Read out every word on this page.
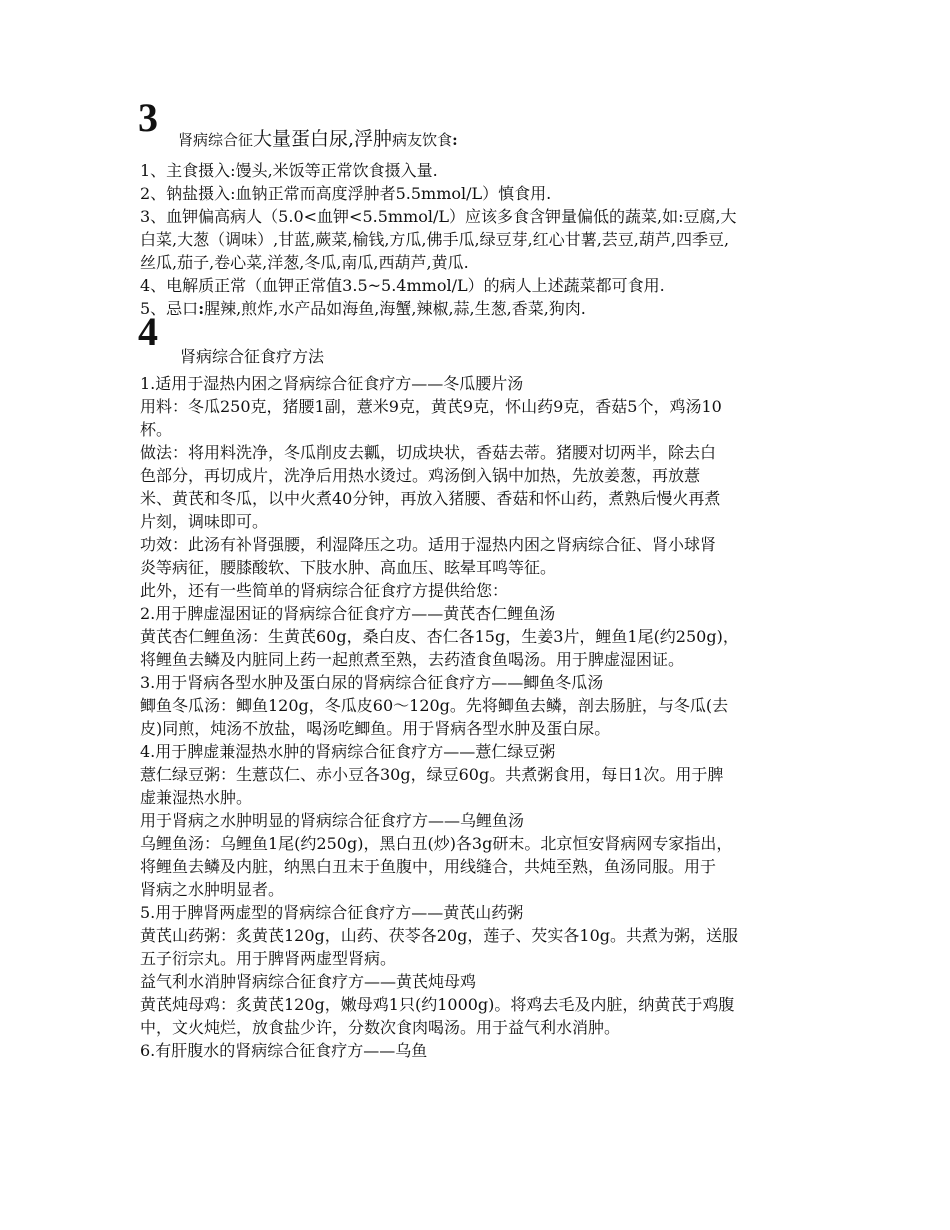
3 肾病综合征大量蛋白尿,浮肿病友饮食:
1、主食摄入:馒头,米饭等正常饮食摄入量.
2、钠盐摄入:血钠正常而高度浮肿者5.5mmol/L）慎食用.
3、血钾偏高病人（5.0<血钾<5.5mmol/L）应该多食含钾量偏低的蔬菜,如:豆腐,大
白菜,大葱（调味）,甘蓝,蕨菜,榆钱,方瓜,佛手瓜,绿豆芽,红心甘薯,芸豆,葫芦,四季豆,
丝瓜,茄子,卷心菜,洋葱,冬瓜,南瓜,西葫芦,黄瓜.
4、电解质正常（血钾正常值3.5~5.4mmol/L）的病人上述蔬菜都可食用.
5、忌口:腥辣,煎炸,水产品如海鱼,海蟹,辣椒,蒜,生葱,香菜,狗肉.
4
肾病综合征食疗方法
1.适用于湿热内困之肾病综合征食疗方——冬瓜腰片汤
用料：冬瓜250克，猪腰1副，薏米9克，黄芪9克，怀山药9克，香菇5个，鸡汤10
杯。
做法：将用料洗净，冬瓜削皮去瓤，切成块状，香菇去蒂。猪腰对切两半，除去白
色部分，再切成片，洗净后用热水烫过。鸡汤倒入锅中加热，先放姜葱，再放薏
米、黄芪和冬瓜，以中火煮40分钟，再放入猪腰、香菇和怀山药，煮熟后慢火再煮
片刻，调味即可。
功效：此汤有补肾强腰，利湿降压之功。适用于湿热内困之肾病综合征、肾小球肾
炎等病征，腰膝酸软、下肢水肿、高血压、眩晕耳鸣等征。
此外，还有一些简单的肾病综合征食疗方提供给您：
2.用于脾虚湿困证的肾病综合征食疗方——黄芪杏仁鲤鱼汤
黄芪杏仁鲤鱼汤：生黄芪60g，桑白皮、杏仁各15g，生姜3片，鲤鱼1尾(约250g)，
将鲤鱼去鳞及内脏同上药一起煎煮至熟，去药渣食鱼喝汤。用于脾虚湿困证。
3.用于肾病各型水肿及蛋白尿的肾病综合征食疗方——鲫鱼冬瓜汤
鲫鱼冬瓜汤：鲫鱼120g，冬瓜皮60～120g。先将鲫鱼去鳞，剖去肠脏，与冬瓜(去
皮)同煎，炖汤不放盐，喝汤吃鲫鱼。用于肾病各型水肿及蛋白尿。
4.用于脾虚兼湿热水肿的肾病综合征食疗方——薏仁绿豆粥
薏仁绿豆粥：生薏苡仁、赤小豆各30g，绿豆60g。共煮粥食用，每日1次。用于脾
虚兼湿热水肿。
用于肾病之水肿明显的肾病综合征食疗方——乌鲤鱼汤
乌鲤鱼汤：乌鲤鱼1尾(约250g)，黑白丑(炒)各3g研末。北京恒安肾病网专家指出，
将鲤鱼去鳞及内脏，纳黑白丑末于鱼腹中，用线缝合，共炖至熟，鱼汤同服。用于
肾病之水肿明显者。
5.用于脾肾两虚型的肾病综合征食疗方——黄芪山药粥
黄芪山药粥：炙黄芪120g，山药、茯苓各20g，莲子、芡实各10g。共煮为粥，送服
五子衍宗丸。用于脾肾两虚型肾病。
益气利水消肿肾病综合征食疗方——黄芪炖母鸡
黄芪炖母鸡：炙黄芪120g，嫩母鸡1只(约1000g)。将鸡去毛及内脏，纳黄芪于鸡腹
中，文火炖烂，放食盐少许，分数次食肉喝汤。用于益气利水消肿。
6.有肝腹水的肾病综合征食疗方——乌鱼
